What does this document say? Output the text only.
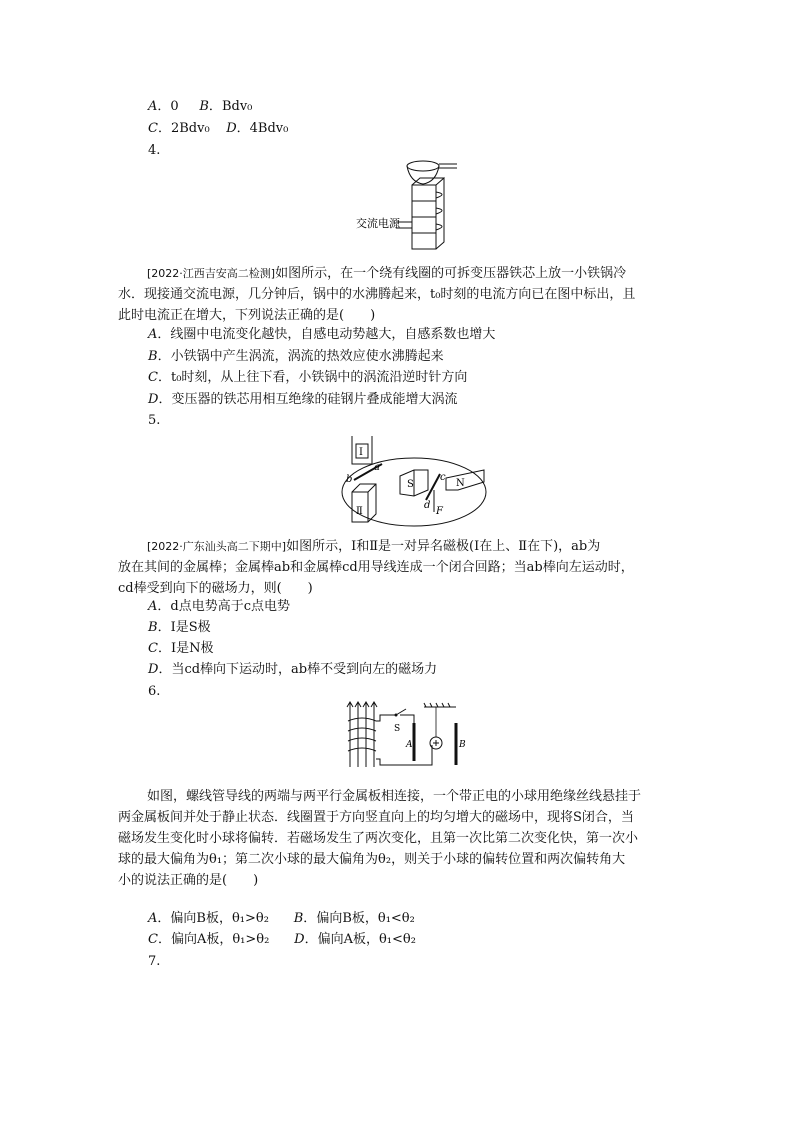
A．0 B．Bdv₀
C．2Bdv₀ D．4Bdv₀
4.
交流电源
[2022·江西吉安高二检测]如图所示，在一个绕有线圈的可拆变压器铁芯上放一小铁锅冷
水．现接通交流电源，几分钟后，锅中的水沸腾起来，t₀时刻的电流方向已在图中标出，且
此时电流正在增大，下列说法正确的是(　　)
A．线圈中电流变化越快，自感电动势越大，自感系数也增大
B．小铁锅中产生涡流，涡流的热效应使水沸腾起来
C．t₀时刻，从上往下看，小铁锅中的涡流沿逆时针方向
D．变压器的铁芯用相互绝缘的硅钢片叠成能增大涡流
5.
Ⅰ
Ⅱ
a
b	S
c
d
N
F
[2022·广东汕头高二下期中]如图所示，Ⅰ和Ⅱ是一对异名磁极(Ⅰ在上、Ⅱ在下)，ab为
放在其间的金属棒；金属棒ab和金属棒cd用导线连成一个闭合回路；当ab棒向左运动时，
cd棒受到向下的磁场力，则(　　)
A．d点电势高于c点电势
B．Ⅰ是S极
C．Ⅰ是N极
D．当cd棒向下运动时，ab棒不受到向左的磁场力
6.
S
A	B
如图，螺线管导线的两端与两平行金属板相连接，一个带正电的小球用绝缘丝线悬挂于
两金属板间并处于静止状态．线圈置于方向竖直向上的均匀增大的磁场中，现将S闭合，当
磁场发生变化时小球将偏转．若磁场发生了两次变化，且第一次比第二次变化快，第一次小
球的最大偏角为θ₁；第二次小球的最大偏角为θ₂，则关于小球的偏转位置和两次偏转角大
小的说法正确的是(　　)
A．偏向B板，θ₁>θ₂ B．偏向B板，θ₁<θ₂
C．偏向A板，θ₁>θ₂ D．偏向A板，θ₁<θ₂
7.
